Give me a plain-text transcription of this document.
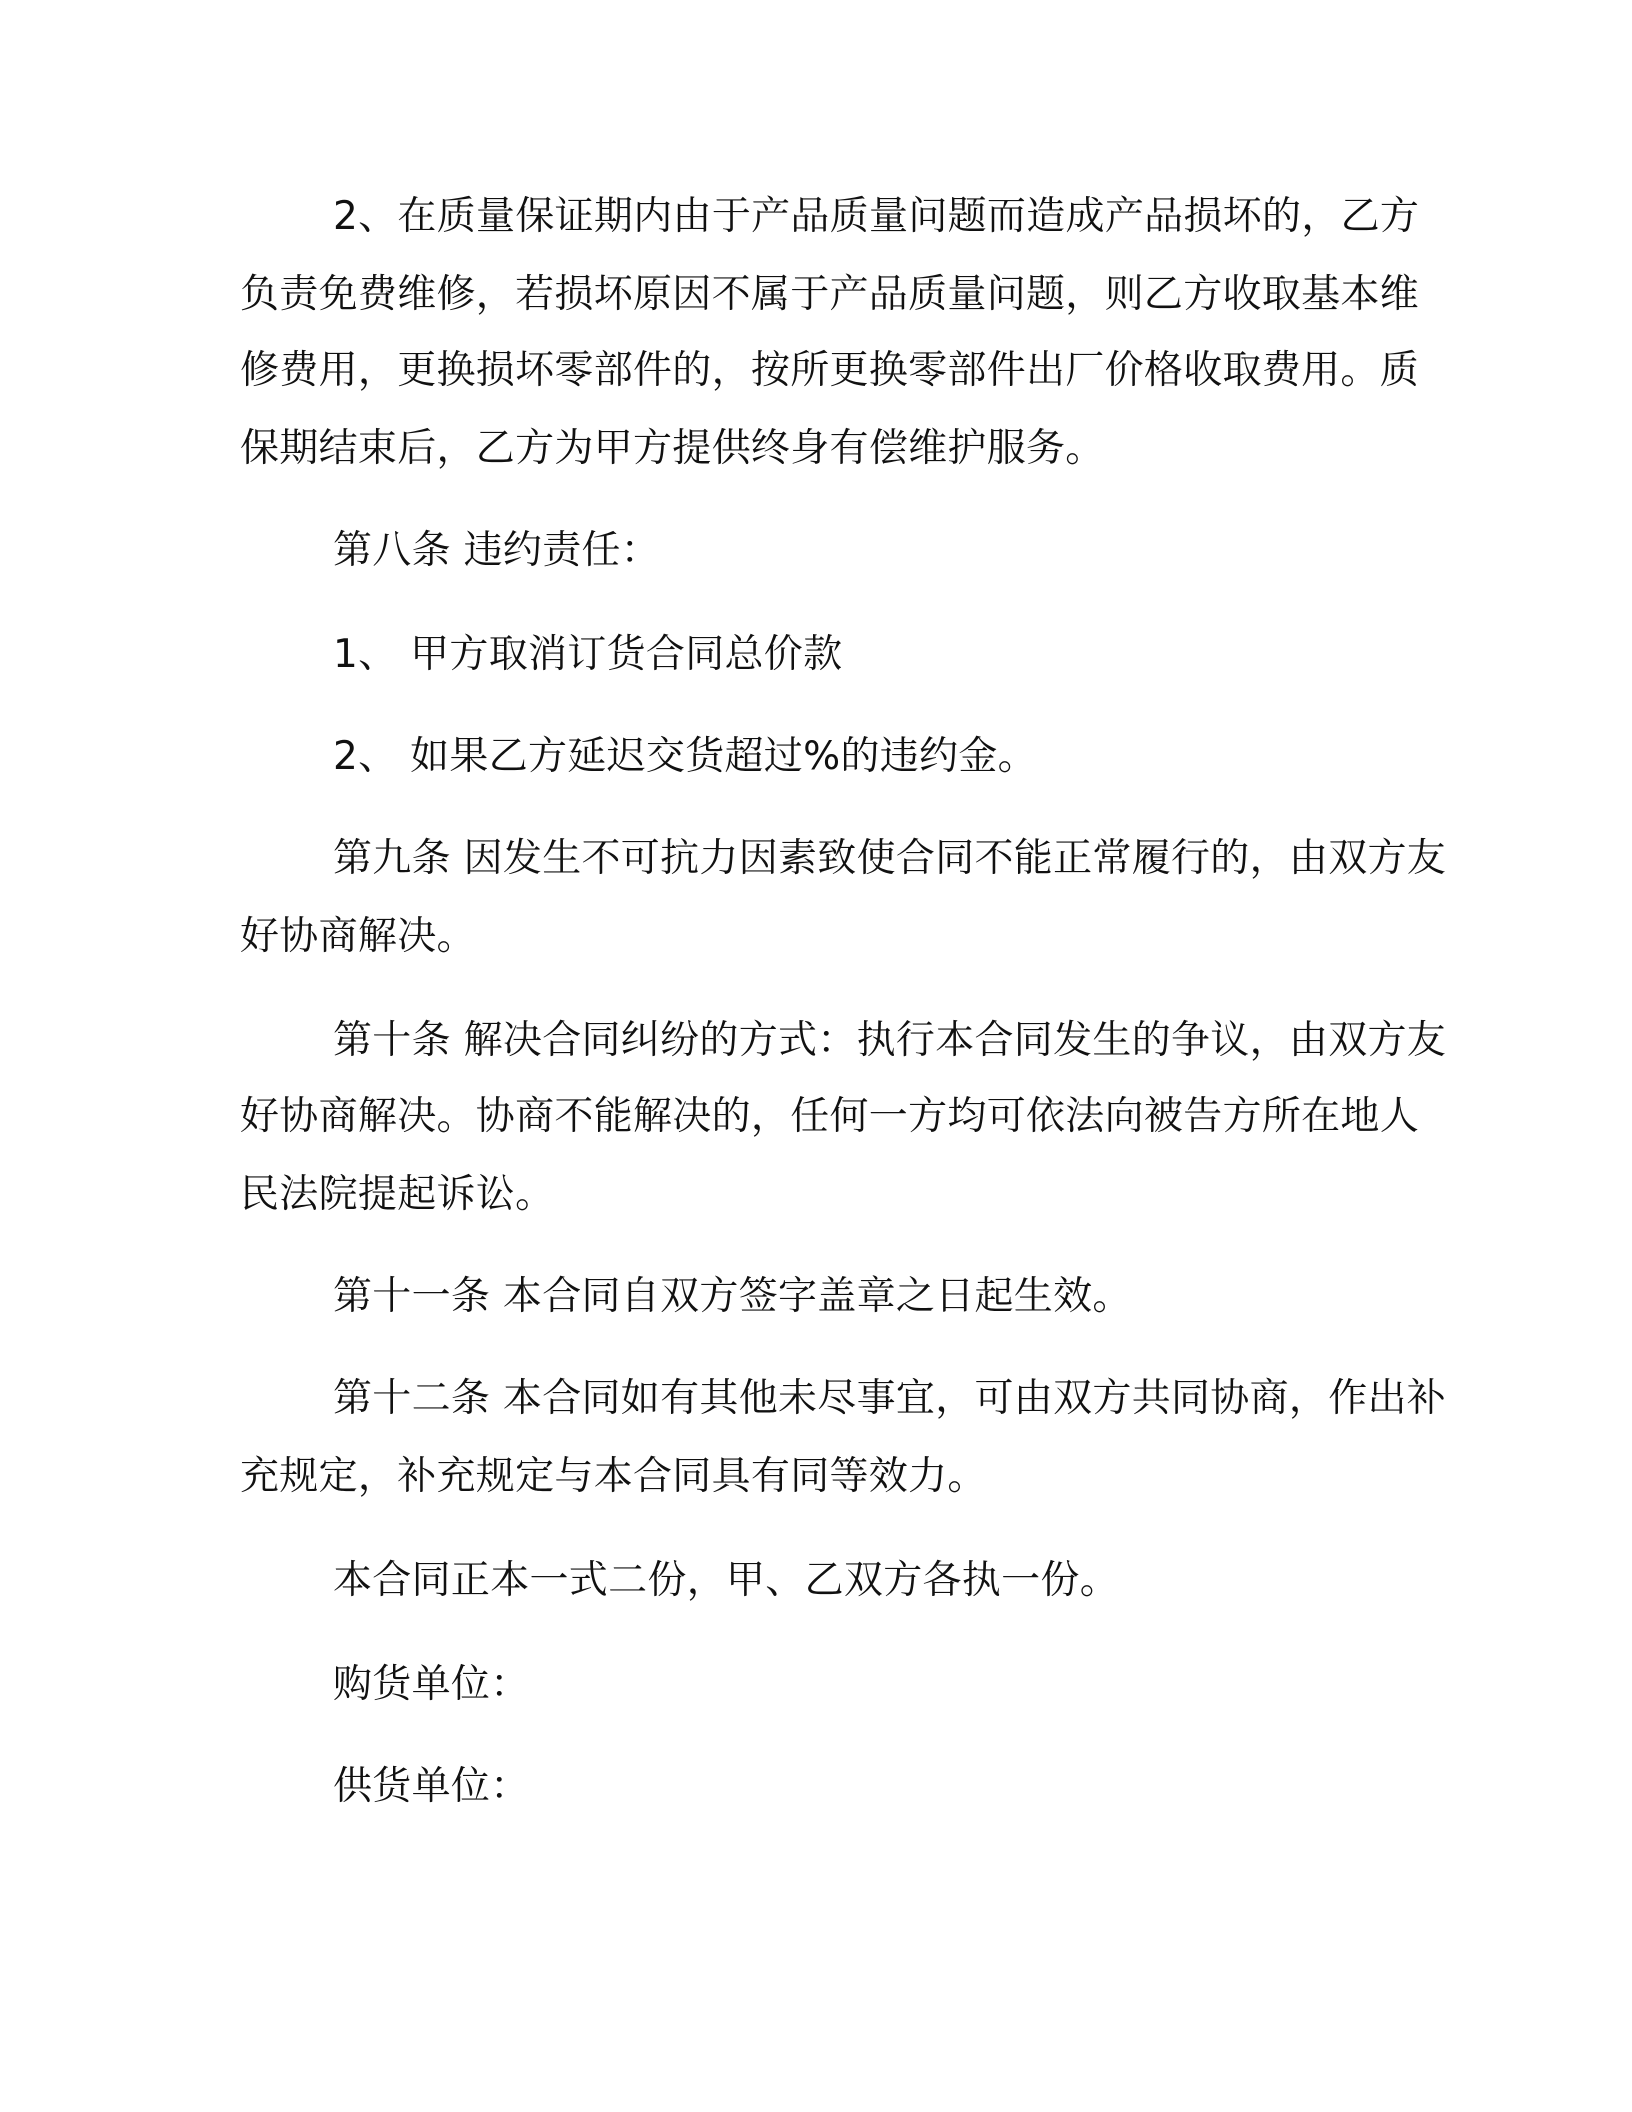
2、在质量保证期内由于产品质量问题而造成产品损坏的，乙方
负责免费维修，若损坏原因不属于产品质量问题，则乙方收取基本维
修费用，更换损坏零部件的，按所更换零部件出厂价格收取费用。质
保期结束后，乙方为甲方提供终身有偿维护服务。
第八条 违约责任：
1、 甲方取消订货合同总价款
2、 如果乙方延迟交货超过%的违约金。
第九条 因发生不可抗力因素致使合同不能正常履行的，由双方友
好协商解决。
第十条 解决合同纠纷的方式：执行本合同发生的争议，由双方友
好协商解决。协商不能解决的，任何一方均可依法向被告方所在地人
民法院提起诉讼。
第十一条 本合同自双方签字盖章之日起生效。
第十二条 本合同如有其他未尽事宜，可由双方共同协商，作出补
充规定，补充规定与本合同具有同等效力。
本合同正本一式二份，甲、乙双方各执一份。
购货单位：
供货单位：
